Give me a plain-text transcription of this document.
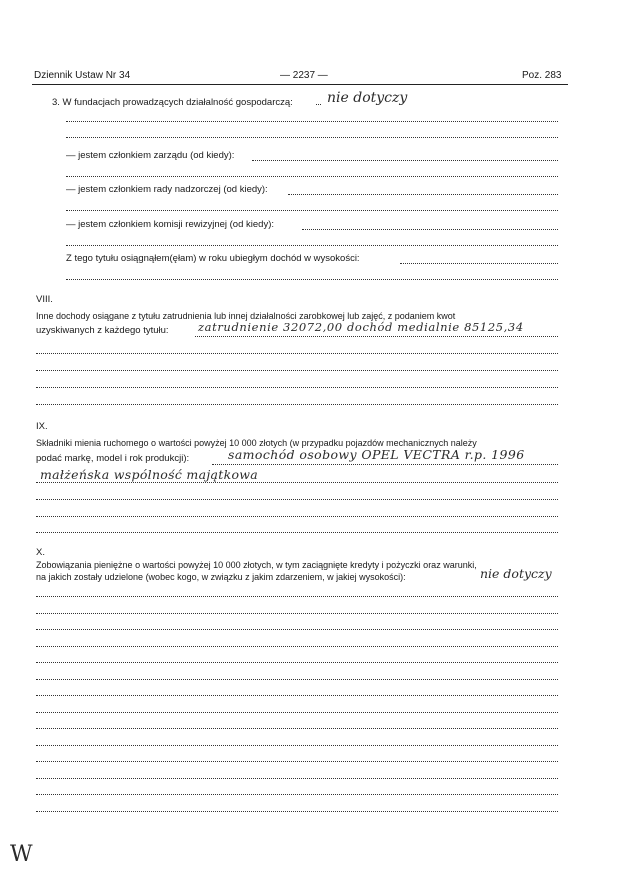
Dziennik Ustaw Nr 34	— 2237 —	Poz. 283
3. W fundacjach prowadzących działalność gospodarczą: nie dotyczy
— jestem członkiem zarządu (od kiedy):
— jestem członkiem rady nadzorczej (od kiedy):
— jestem członkiem komisji rewizyjnej (od kiedy):
Z tego tytułu osiągnąłem(ęłam) w roku ubiegłym dochód w wysokości:
VIII.
Inne dochody osiągane z tytułu zatrudnienia lub innej działalności zarobkowej lub zajęć, z podaniem kwot
uzyskiwanych z każdego tytułu:	zatrudnienie 32072,00 dochód medialnie 85125,34
IX.
Składniki mienia ruchomego o wartości powyżej 10 000 złotych (w przypadku pojazdów mechanicznych należy
podać markę, model i rok produkcji):	samochód osobowy OPEL VECTRA r.p. 1996
małżeńska wspólność majątkowa
X.
Zobowiązania pieniężne o wartości powyżej 10 000 złotych, w tym zaciągnięte kredyty i pożyczki oraz warunki,
na jakich zostały udzielone (wobec kogo, w związku z jakim zdarzeniem, w jakiej wysokości):	nie dotyczy
W
